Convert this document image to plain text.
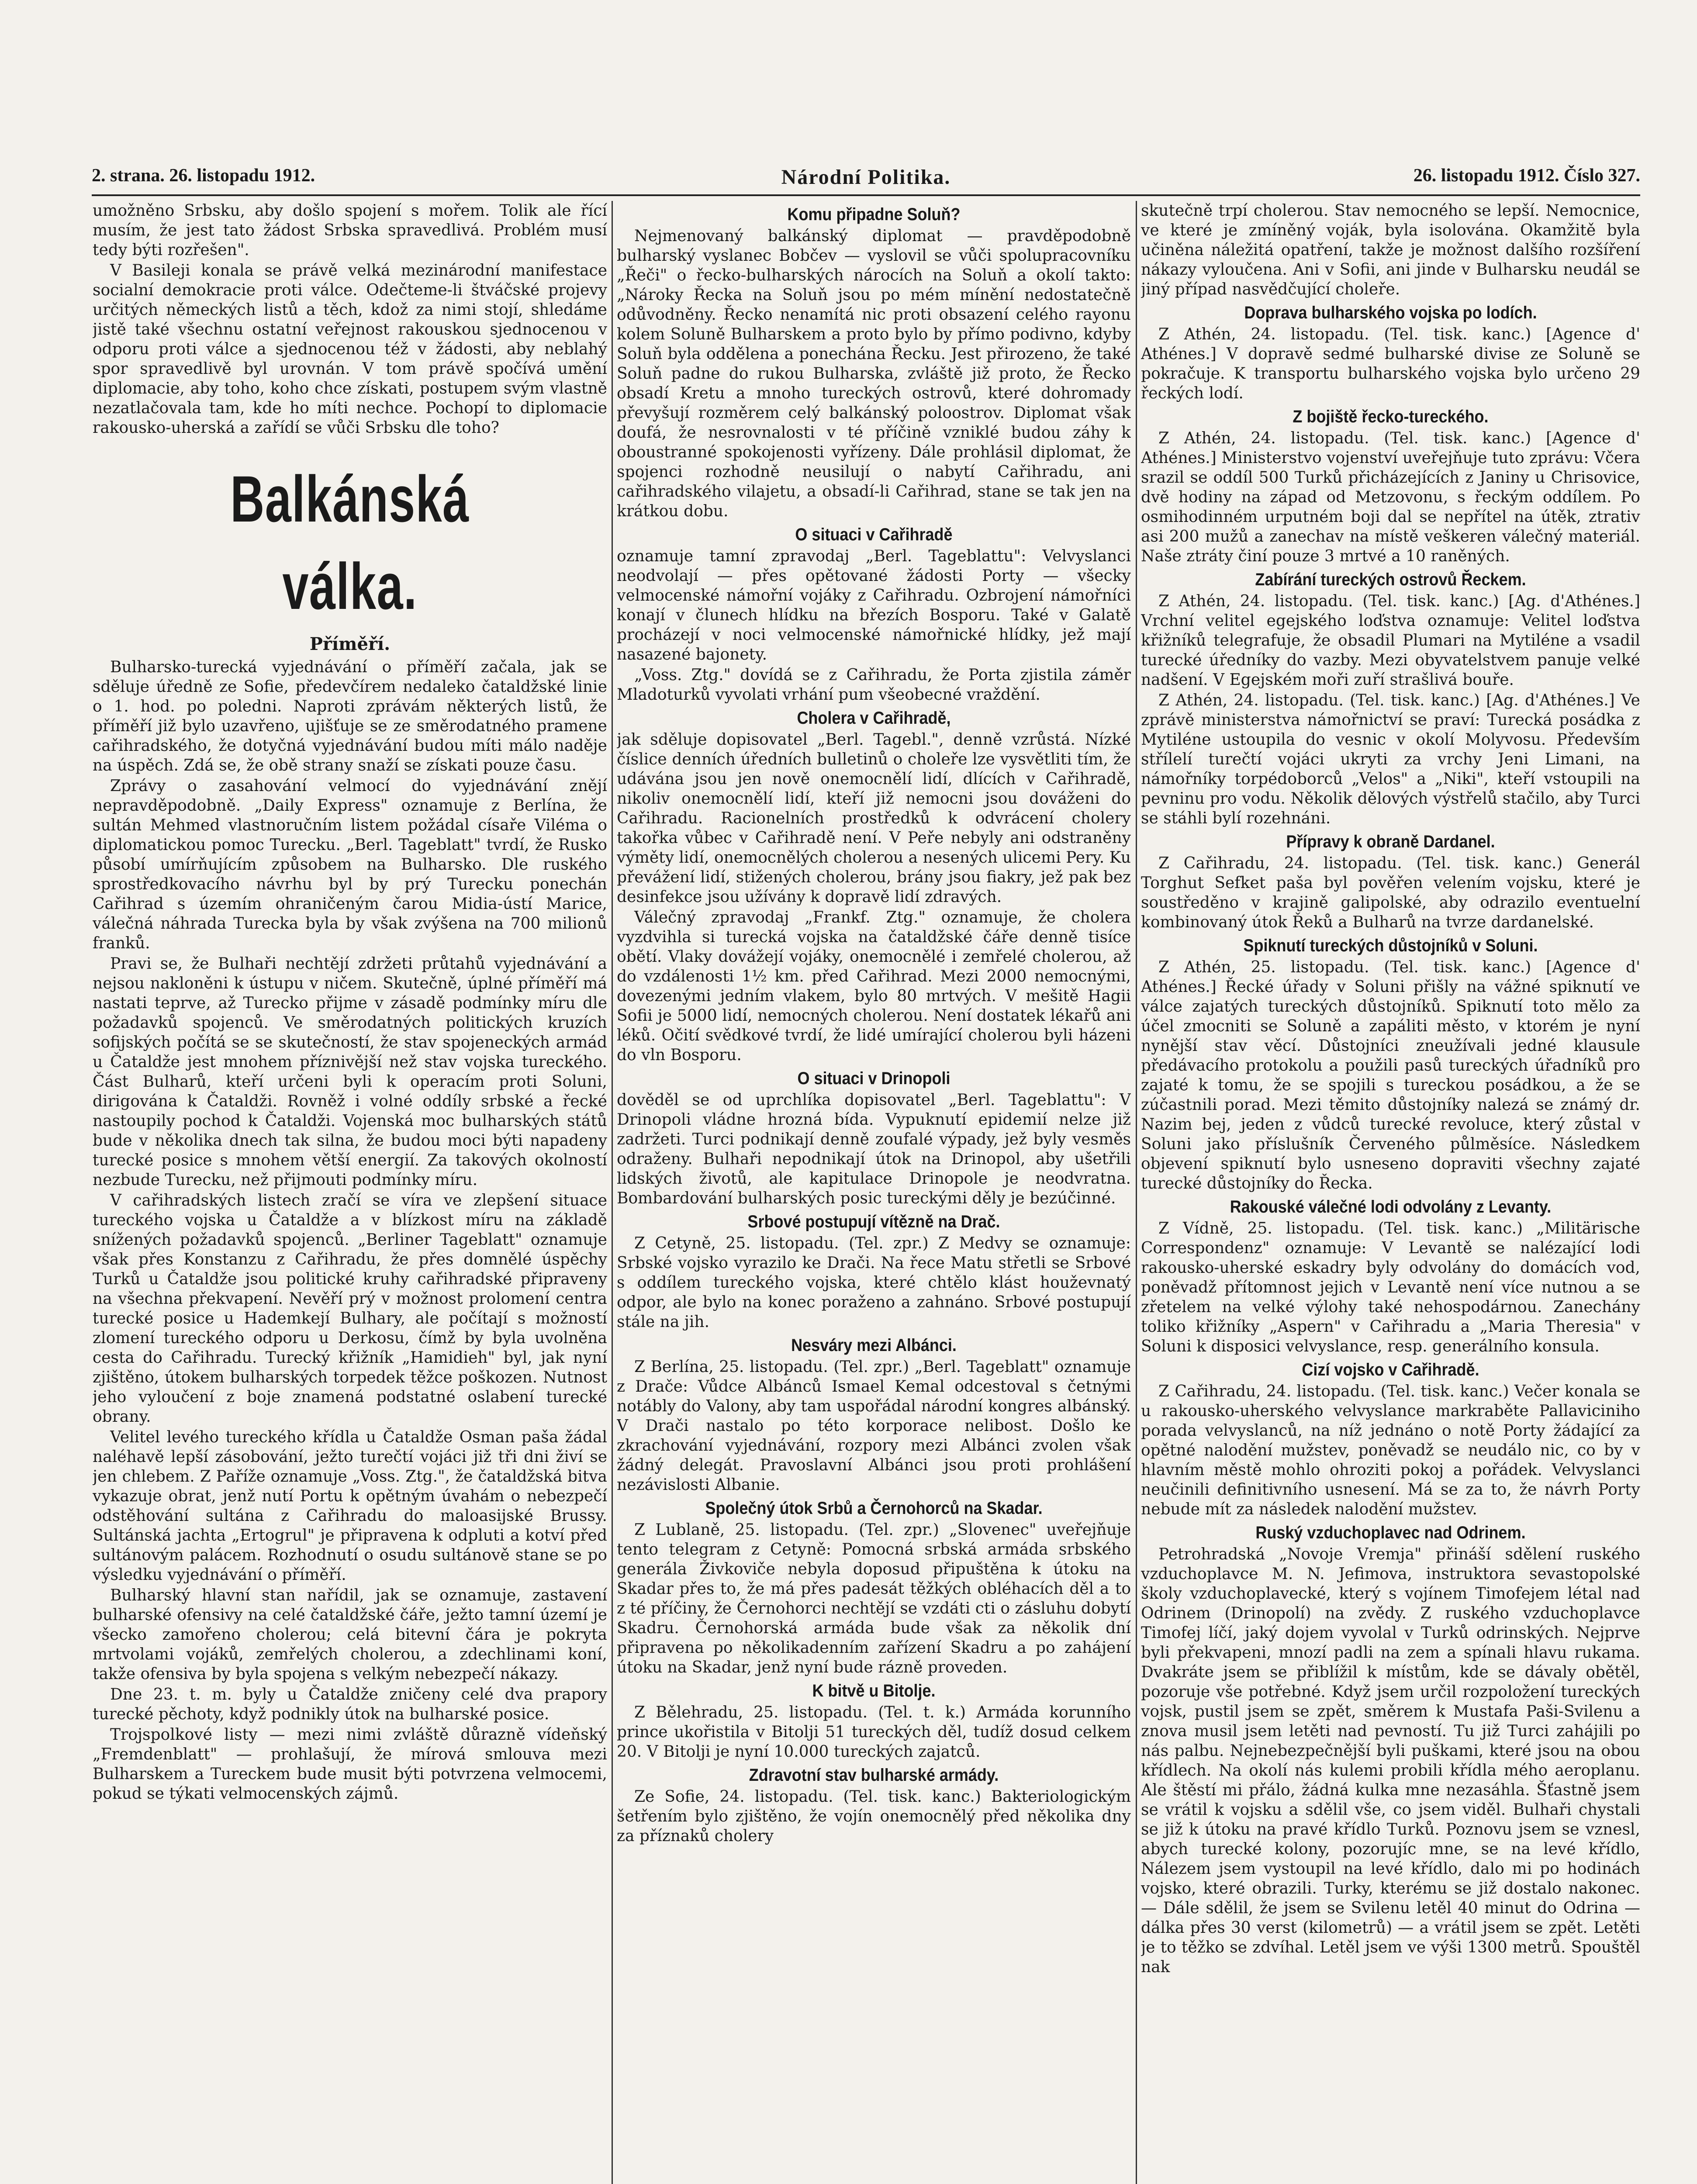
2. strana. 26. listopadu 1912.	Národní Politika.	26. listopadu 1912. Číslo 327.

umožněno Srbsku, aby došlo spojení s mořem. Tolik ale řící musím, že jest tato žádost Srbska spravedlivá. Problém musí tedy býti rozřešen".

V Basileji konala se právě velká mezinárodní manifestace socialní demokracie proti válce. Odečteme-li štváčské projevy určitých německých listů a těch, kdož za nimi stojí, shledáme jistě také všechnu ostatní veřejnost rakouskou sjednocenou v odporu proti válce a sjednocenou též v žádosti, aby neblahý spor spravedlivě byl urovnán. V tom právě spočívá umění diplomacie, aby toho, koho chce získati, postupem svým vlastně nezatlačovala tam, kde ho míti nechce. Pochopí to diplomacie rakousko-uherská a zařídí se vůči Srbsku dle toho?

Balkánská válka.
Příměří.

Bulharsko-turecká vyjednávání o příměří začala, jak se sděluje úředně ze Sofie, předevčírem nedaleko čataldžské linie o 1. hod. po poledni. Naproti zprávám některých listů, že příměří již bylo uzavřeno, ujišťuje se ze směrodatného pramene cařihradského, že dotyčná vyjednávání budou míti málo naděje na úspěch. Zdá se, že obě strany snaží se získati pouze času.

Zprávy o zasahování velmocí do vyjednávání znějí nepravděpodobně. „Daily Express" oznamuje z Berlína, že sultán Mehmed vlastnoručním listem požádal císaře Viléma o diplomatickou pomoc Turecku. „Berl. Tageblatt" tvrdí, že Rusko působí umírňujícím způsobem na Bulharsko. Dle ruského sprostředkovacího návrhu byl by prý Turecku ponechán Cařihrad s územím ohraničeným čarou Midia-ústí Marice, válečná náhrada Turecka byla by však zvýšena na 700 milionů franků.

Pravi se, že Bulhaři nechtějí zdržeti průtahů vyjednávání a nejsou nakloněni k ústupu v ničem. Skutečně, úplné příměří má nastati teprve, až Turecko přijme v zásadě podmínky míru dle požadavků spojenců. Ve směrodatných politických kruzích sofijských počítá se se skutečností, že stav spojeneckých armád u Čataldže jest mnohem příznivější než stav vojska tureckého. Část Bulharů, kteří určeni byli k operacím proti Soluni, dirigována k Čataldži. Rovněž i volné oddíly srbské a řecké nastoupily pochod k Čataldži. Vojenská moc bulharských států bude v několika dnech tak silna, že budou moci býti napadeny turecké posice s mnohem větší energií. Za takových okolností nezbude Turecku, než přijmouti podmínky míru.

V cařihradských listech zračí se víra ve zlepšení situace tureckého vojska u Čataldže a v blízkost míru na základě snížených požadavků spojenců. „Berliner Tageblatt" oznamuje však přes Konstanzu z Cařihradu, že přes domnělé úspěchy Turků u Čataldže jsou politické kruhy cařihradské připraveny na všechna překvapení. Nevěří prý v možnost prolomení centra turecké posice u Hademkejí Bulhary, ale počítají s možností zlomení tureckého odporu u Derkosu, čímž by byla uvolněna cesta do Cařihradu. Turecký křižník „Hamidieh" byl, jak nyní zjištěno, útokem bulharských torpedek těžce poškozen. Nutnost jeho vyloučení z boje znamená podstatné oslabení turecké obrany.

Velitel levého tureckého křídla u Čataldže Osman paša žádal naléhavě lepší zásobování, ježto turečtí vojáci již tři dni živí se jen chlebem. Z Paříže oznamuje „Voss. Ztg.", že čataldžská bitva vykazuje obrat, jenž nutí Portu k opětným úvahám o nebezpečí odstěhování sultána z Cařihradu do maloasijské Brussy. Sultánská jachta „Ertogrul" je připravena k odpluti a kotví před sultánovým palácem. Rozhodnutí o osudu sultánově stane se po výsledku vyjednávání o příměří.

Bulharský hlavní stan nařídil, jak se oznamuje, zastavení bulharské ofensivy na celé čataldžské čáře, ježto tamní území je všecko zamořeno cholerou; celá bitevní čára je pokryta mrtvolami vojáků, zemřelých cholerou, a zdechlinami koní, takže ofensiva by byla spojena s velkým nebezpečí nákazy.

Dne 23. t. m. byly u Čataldže zničeny celé dva prapory turecké pěchoty, když podnikly útok na bulharské posice.

Trojspolkové listy — mezi nimi zvláště důrazně vídeňský „Fremdenblatt" — prohlašují, že mírová smlouva mezi Bulharskem a Tureckem bude musit býti potvrzena velmocemi, pokud se týkati velmocenských zájmů.

Komu připadne Soluň?

Nejmenovaný balkánský diplomat — pravděpodobně bulharský vyslanec Bobčev — vyslovil se vůči spolupracovníku „Řeči" o řecko-bulharských nárocích na Soluň a okolí takto: „Nároky Řecka na Soluň jsou po mém mínění nedostatečně odůvodněny. Řecko nenamítá nic proti obsazení celého rayonu kolem Soluně Bulharskem a proto bylo by přímo podivno, kdyby Soluň byla oddělena a ponechána Řecku. Jest přirozeno, že také Soluň padne do rukou Bulharska, zvláště již proto, že Řecko obsadí Kretu a mnoho tureckých ostrovů, které dohromady převyšují rozměrem celý balkánský poloostrov. Diplomat však doufá, že nesrovnalosti v té příčině vzniklé budou záhy k oboustranné spokojenosti vyřízeny. Dále prohlásil diplomat, že spojenci rozhodně neusilují o nabytí Cařihradu, ani cařihradského vilajetu, a obsadí-li Cařihrad, stane se tak jen na krátkou dobu.

O situaci v Cařihradě

oznamuje tamní zpravodaj „Berl. Tageblattu": Velvyslanci neodvolají — přes opětované žádosti Porty — všecky velmocenské námořní vojáky z Cařihradu. Ozbrojení námořníci konají v člunech hlídku na březích Bosporu. Také v Galatě procházejí v noci velmocenské námořnické hlídky, jež mají nasazené bajonety.

„Voss. Ztg." dovídá se z Cařihradu, že Porta zjistila záměr Mladoturků vyvolati vrhání pum všeobecné vraždění.

Cholera v Cařihradě,

jak sděluje dopisovatel „Berl. Tagebl.", denně vzrůstá. Nízké číslice denních úředních bulletinů o choleře lze vysvětliti tím, že udávána jsou jen nově onemocnělí lidí, dlících v Cařihradě, nikoliv onemocnělí lidí, kteří již nemocni jsou dováženi do Cařihradu. Racionelních prostředků k odvrácení cholery takořka vůbec v Cařihradě není. V Peře nebyly ani odstraněny výměty lidí, onemocnělých cholerou a nesených ulicemi Pery. Ku převážení lidí, stižených cholerou, brány jsou fiakry, jež pak bez desinfekce jsou užívány k dopravě lidí zdravých.

Válečný zpravodaj „Frankf. Ztg." oznamuje, že cholera vyzdvihla si turecká vojska na čataldžské čáře denně tisíce obětí. Vlaky dovážejí vojáky, onemocnělé i zemřelé cholerou, až do vzdálenosti 1½ km. před Cařihrad. Mezi 2000 nemocnými, dovezenými jedním vlakem, bylo 80 mrtvých. V mešitě Hagii Sofii je 5000 lidí, nemocných cholerou. Není dostatek lékařů ani léků. Očití svědkové tvrdí, že lidé umírající cholerou byli házeni do vln Bosporu.

O situaci v Drinopoli

dověděl se od uprchlíka dopisovatel „Berl. Tageblattu": V Drinopoli vládne hrozná bída. Vypuknutí epidemií nelze již zadržeti. Turci podnikají denně zoufalé výpady, jež byly vesměs odraženy. Bulhaři nepodnikají útok na Drinopol, aby ušetřili lidských životů, ale kapitulace Drinopole je neodvratna. Bombardování bulharských posic tureckými děly je bezúčinné.

Srbové postupují vítězně na Drač.

Z Cetyně, 25. listopadu. (Tel. zpr.) Z Medvy se oznamuje: Srbské vojsko vyrazilo ke Drači. Na řece Matu střetli se Srbové s oddílem tureckého vojska, které chtělo klást houževnatý odpor, ale bylo na konec poraženo a zahnáno. Srbové postupují stále na jih.

Nesváry mezi Albánci.

Z Berlína, 25. listopadu. (Tel. zpr.) „Berl. Tageblatt" oznamuje z Drače: Vůdce Albánců Ismael Kemal odcestoval s četnými notábly do Valony, aby tam uspořádal národní kongres albánský. V Drači nastalo po této korporace nelibost. Došlo ke zkrachování vyjednávání, rozpory mezi Albánci zvolen však žádný delegát. Pravoslavní Albánci jsou proti prohlášení nezávislosti Albanie.

Společný útok Srbů a Černohorců na Skadar.

Z Lublaně, 25. listopadu. (Tel. zpr.) „Slovenec" uveřejňuje tento telegram z Cetyně: Pomocná srbská armáda srbského generála Živkoviče nebyla doposud připuštěna k útoku na Skadar přes to, že má přes padesát těžkých obléhacích děl a to z té příčiny, že Černohorci nechtějí se vzdáti cti o zásluhu dobytí Skadru. Černohorská armáda bude však za několik dní připravena po několikadenním zařízení Skadru a po zahájení útoku na Skadar, jenž nyní bude rázně proveden.

K bitvě u Bitolje.

Z Bělehradu, 25. listopadu. (Tel. t. k.) Armáda korunního prince ukořistila v Bitolji 51 tureckých děl, tudíž dosud celkem 20. V Bitolji je nyní 10.000 tureckých zajatců.

Zdravotní stav bulharské armády.

Ze Sofie, 24. listopadu. (Tel. tisk. kanc.) Bakteriologickým šetřením bylo zjištěno, že vojín onemocnělý před několika dny za příznaků cholery

skutečně trpí cholerou. Stav nemocného se lepší. Nemocnice, ve které je zmíněný voják, byla isolována. Okamžitě byla učiněna náležitá opatření, takže je možnost dalšího rozšíření nákazy vyloučena. Ani v Sofii, ani jinde v Bulharsku neudál se jiný případ nasvědčující choleře.

Doprava bulharského vojska po lodích.

Z Athén, 24. listopadu. (Tel. tisk. kanc.) [Agence d' Athénes.] V dopravě sedmé bulharské divise ze Soluně se pokračuje. K transportu bulharského vojska bylo určeno 29 řeckých lodí.

Z bojiště řecko-tureckého.

Z Athén, 24. listopadu. (Tel. tisk. kanc.) [Agence d' Athénes.] Ministerstvo vojenství uveřejňuje tuto zprávu: Včera srazil se oddíl 500 Turků přicházejících z Janiny u Chrisovice, dvě hodiny na západ od Metzovonu, s řeckým oddílem. Po osmihodinném urputném boji dal se nepřítel na útěk, ztrativ asi 200 mužů a zanechav na místě veškeren válečný materiál. Naše ztráty činí pouze 3 mrtvé a 10 raněných.

Zabírání tureckých ostrovů Řeckem.

Z Athén, 24. listopadu. (Tel. tisk. kanc.) [Ag. d'Athénes.] Vrchní velitel egejského loďstva oznamuje: Velitel loďstva křižníků telegrafuje, že obsadil Plumari na Mytiléne a vsadil turecké úředníky do vazby. Mezi obyvatelstvem panuje velké nadšení. V Egejském moři zuří strašlivá bouře.

Z Athén, 24. listopadu. (Tel. tisk. kanc.) [Ag. d'Athénes.] Ve zprávě ministerstva námořnictví se praví: Turecká posádka z Mytiléne ustoupila do vesnic v okolí Molyvosu. Především střílelí turečtí vojáci ukryti za vrchy Jeni Limani, na námořníky torpédoborců „Velos" a „Niki", kteří vstoupili na pevninu pro vodu. Několik dělových výstřelů stačilo, aby Turci se stáhli bylí rozehnáni.

Přípravy k obraně Dardanel.

Z Cařihradu, 24. listopadu. (Tel. tisk. kanc.) Generál Torghut Sefket paša byl pověřen velením vojsku, které je soustředěno v krajině galipolské, aby odrazilo eventuelní kombinovaný útok Řeků a Bulharů na tvrze dardanelské.

Spiknutí tureckých důstojníků v Soluni.

Z Athén, 25. listopadu. (Tel. tisk. kanc.) [Agence d' Athénes.] Řecké úřady v Soluni přišly na vážné spiknutí ve válce zajatých tureckých důstojníků. Spiknutí toto mělo za účel zmocniti se Soluně a zapáliti město, v ktorém je nyní nynější stav věcí. Důstojníci zneužívali jedné klausule předávacího protokolu a použili pasů tureckých úřadníků pro zajaté k tomu, že se spojili s tureckou posádkou, a že se zúčastnili porad. Mezi těmito důstojníky nalezá se známý dr. Nazim bej, jeden z vůdců turecké revoluce, který zůstal v Soluni jako příslušník Červeného půlměsíce. Následkem objevení spiknutí bylo usneseno dopraviti všechny zajaté turecké důstojníky do Řecka.

Rakouské válečné lodi odvolány z Levanty.

Z Vídně, 25. listopadu. (Tel. tisk. kanc.) „Militärische Correspondenz" oznamuje: V Levantě se nalézající lodi rakousko-uherské eskadry byly odvolány do domácích vod, poněvadž přítomnost jejich v Levantě není více nutnou a se zřetelem na velké výlohy také nehospodárnou. Zanechány toliko křižníky „Aspern" v Cařihradu a „Maria Theresia" v Soluni k disposici velvyslance, resp. generálního konsula.

Cizí vojsko v Cařihradě.

Z Cařihradu, 24. listopadu. (Tel. tisk. kanc.) Večer konala se u rakousko-uherského velvyslance markraběte Pallaviciniho porada velvyslanců, na níž jednáno o notě Porty žádající za opětné nalodění mužstev, poněvadž se neudálo nic, co by v hlavním městě mohlo ohroziti pokoj a pořádek. Velvyslanci neučinili definitivního usnesení. Má se za to, že návrh Porty nebude mít za následek nalodění mužstev.

Ruský vzduchoplavec nad Odrinem.

Petrohradská „Novoje Vremja" přináší sdělení ruského vzduchoplavce M. N. Jefimova, instruktora sevastopolské školy vzduchoplavecké, který s vojínem Timofejem létal nad Odrinem (Drinopolí) na zvědy. Z ruského vzduchoplavce Timofej líčí, jaký dojem vyvolal v Turků odrinských. Nejprve byli překvapeni, mnozí padli na zem a spínali hlavu rukama. Dvakráte jsem se přiblížil k místům, kde se dávaly obětěl, pozoruje vše potřebné. Když jsem určil rozpoložení tureckých vojsk, pustil jsem se zpět, směrem k Mustafa Paši-Svilenu a znova musil jsem letěti nad pevností. Tu již Turci zahájili po nás palbu. Nejnebezpečnější byli puškami, které jsou na obou křídlech. Na okolí nás kulemi probili křídla mého aeroplanu. Ale štěstí mi přálo, žádná kulka mne nezasáhla. Šťastně jsem se vrátil k vojsku a sdělil vše, co jsem viděl. Bulhaři chystali se již k útoku na pravé křídlo Turků. Poznovu jsem se vznesl, abych turecké kolony, pozorujíc mne, se na levé křídlo, Nálezem jsem vystoupil na levé křídlo, dalo mi po hodinách vojsko, které obrazili. Turky, kterému se již dostalo nakonec. — Dále sdělil, že jsem se Svilenu letěl 40 minut do Odrina — dálka přes 30 verst (kilometrů) — a vrátil jsem se zpět. Letěti je to těžko se zdvíhal. Letěl jsem ve výši 1300 metrů. Spouštěl nak
